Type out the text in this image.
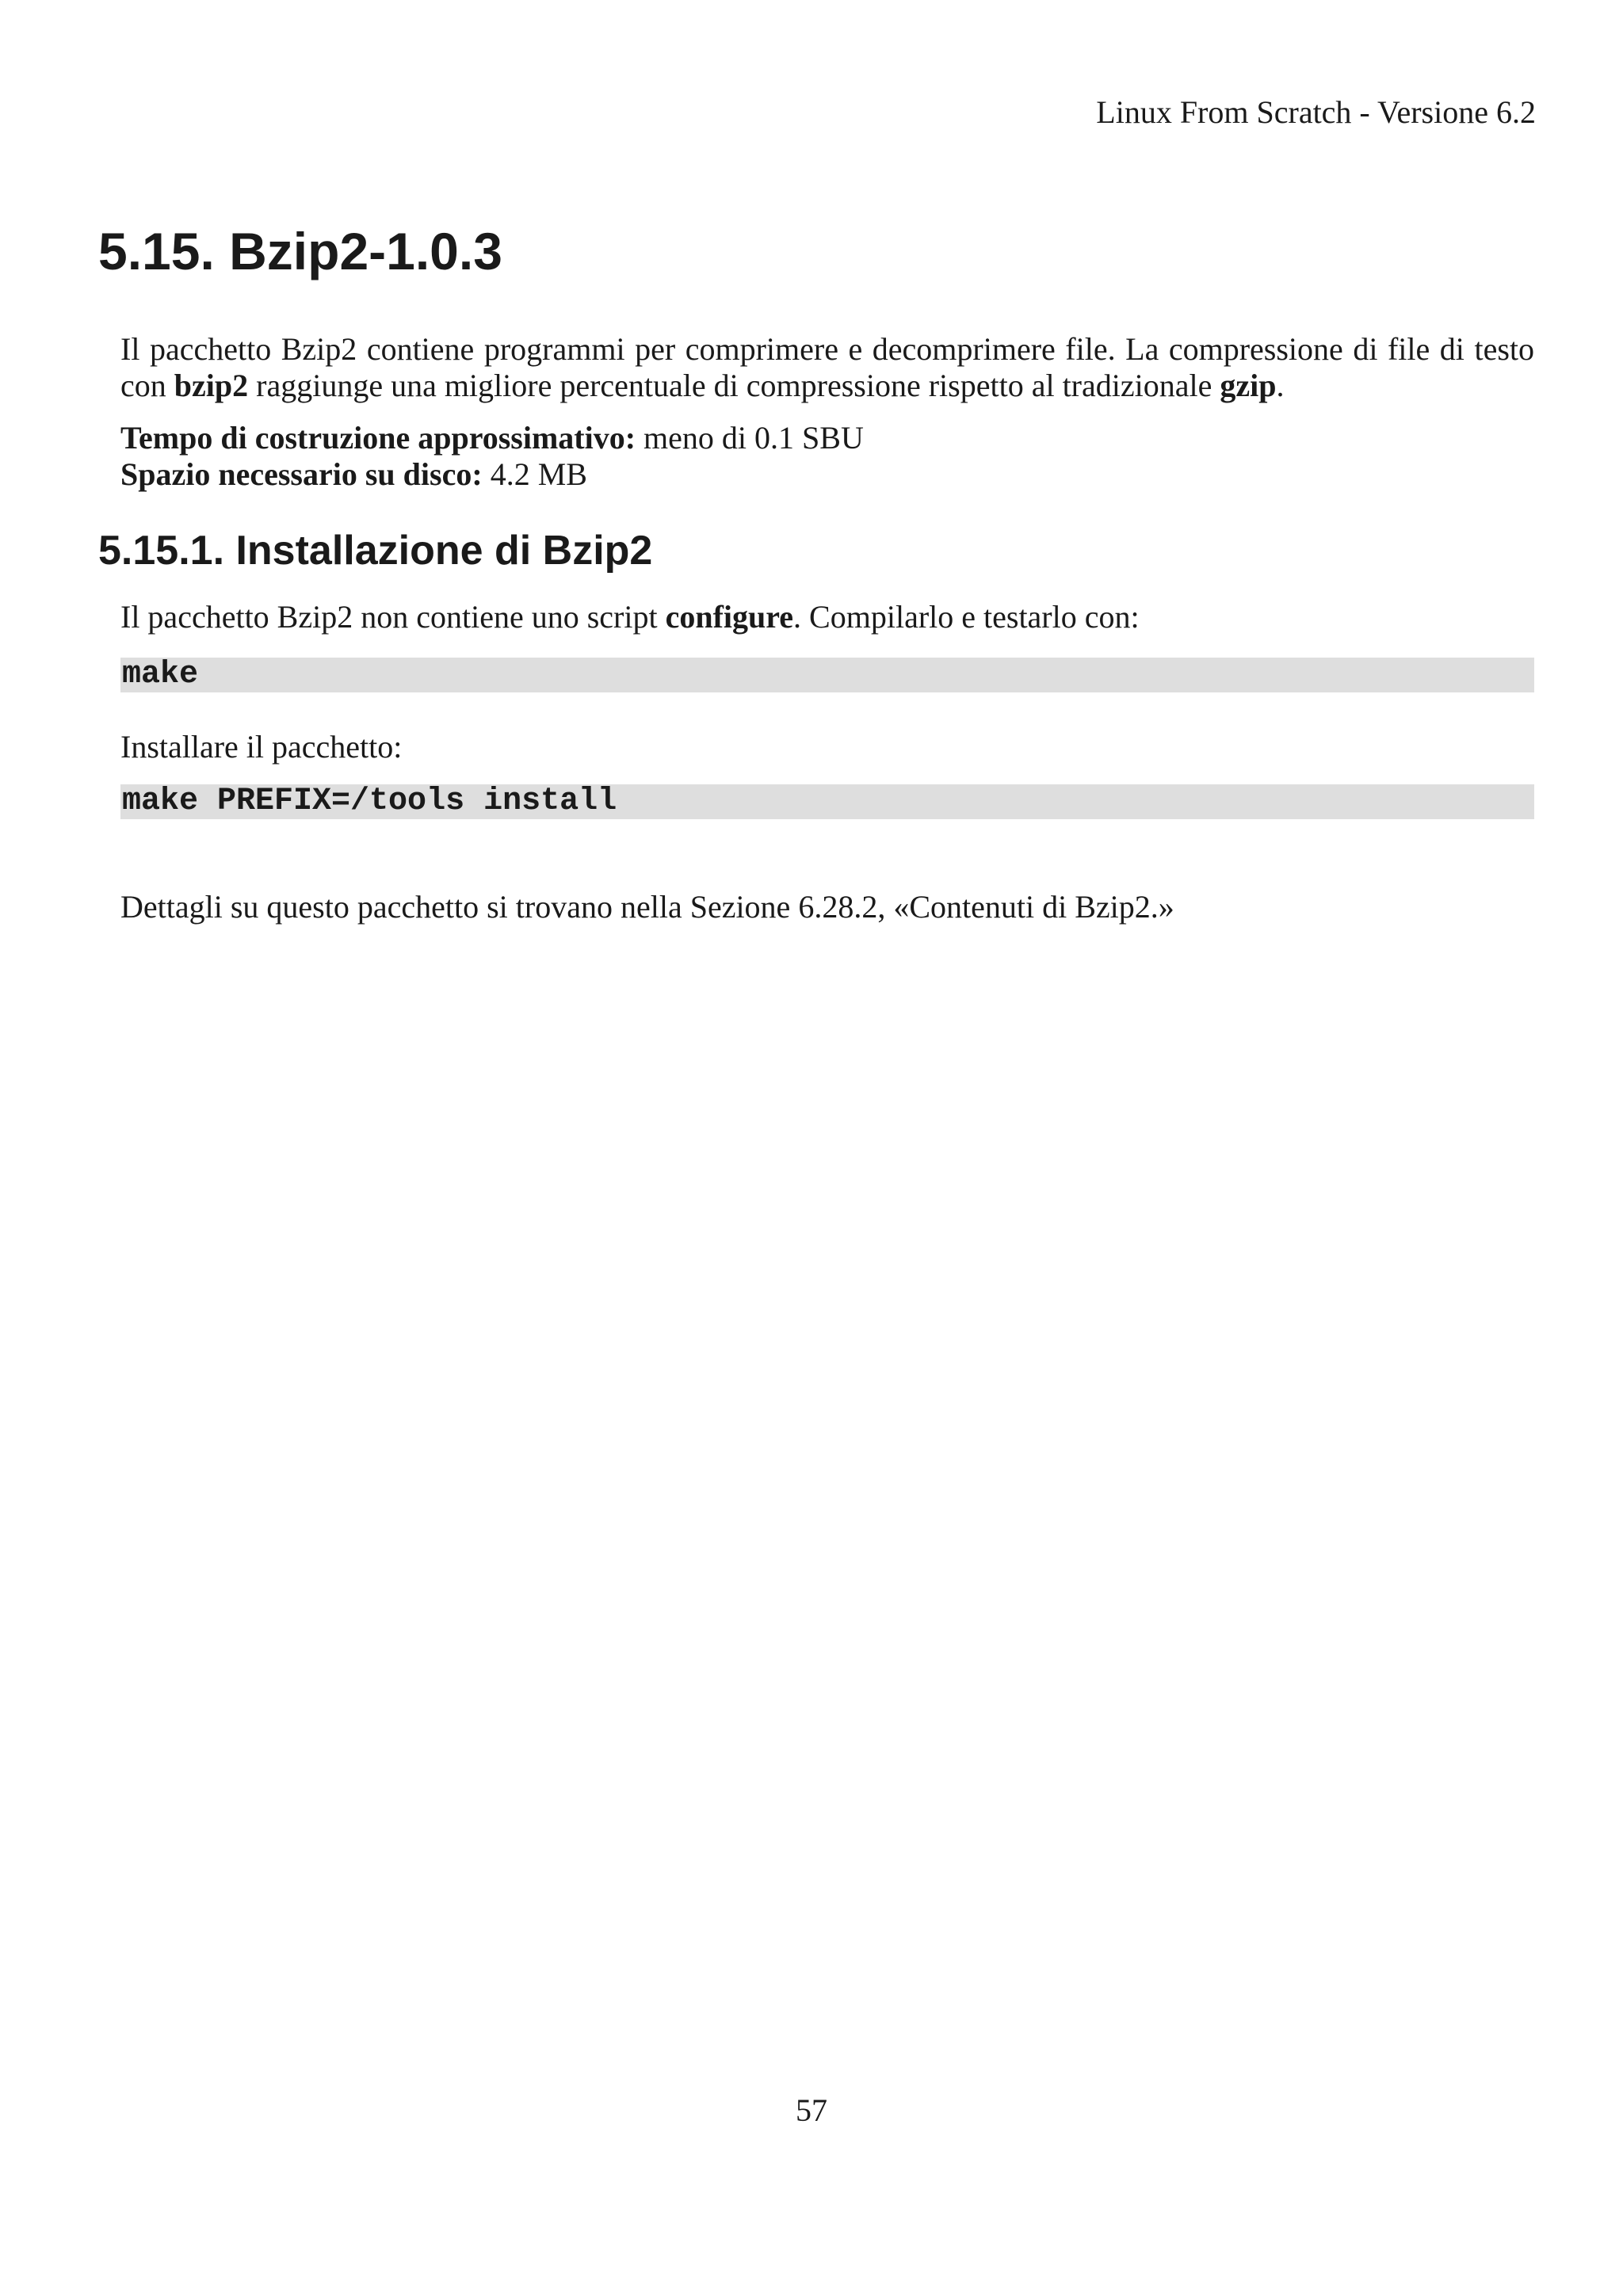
Linux From Scratch - Versione 6.2
5.15. Bzip2-1.0.3

Il pacchetto Bzip2 contiene programmi per comprimere e decomprimere file. La compressione di file di testo con bzip2 raggiunge una migliore percentuale di compressione rispetto al tradizionale gzip.

Tempo di costruzione approssimativo: meno di 0.1 SBU
Spazio necessario su disco: 4.2 MB
5.15.1. Installazione di Bzip2

Il pacchetto Bzip2 non contiene uno script configure. Compilarlo e testarlo con:

make

Installare il pacchetto:

make PREFIX=/tools install

Dettagli su questo pacchetto si trovano nella Sezione 6.28.2, «Contenuti di Bzip2.»

57
